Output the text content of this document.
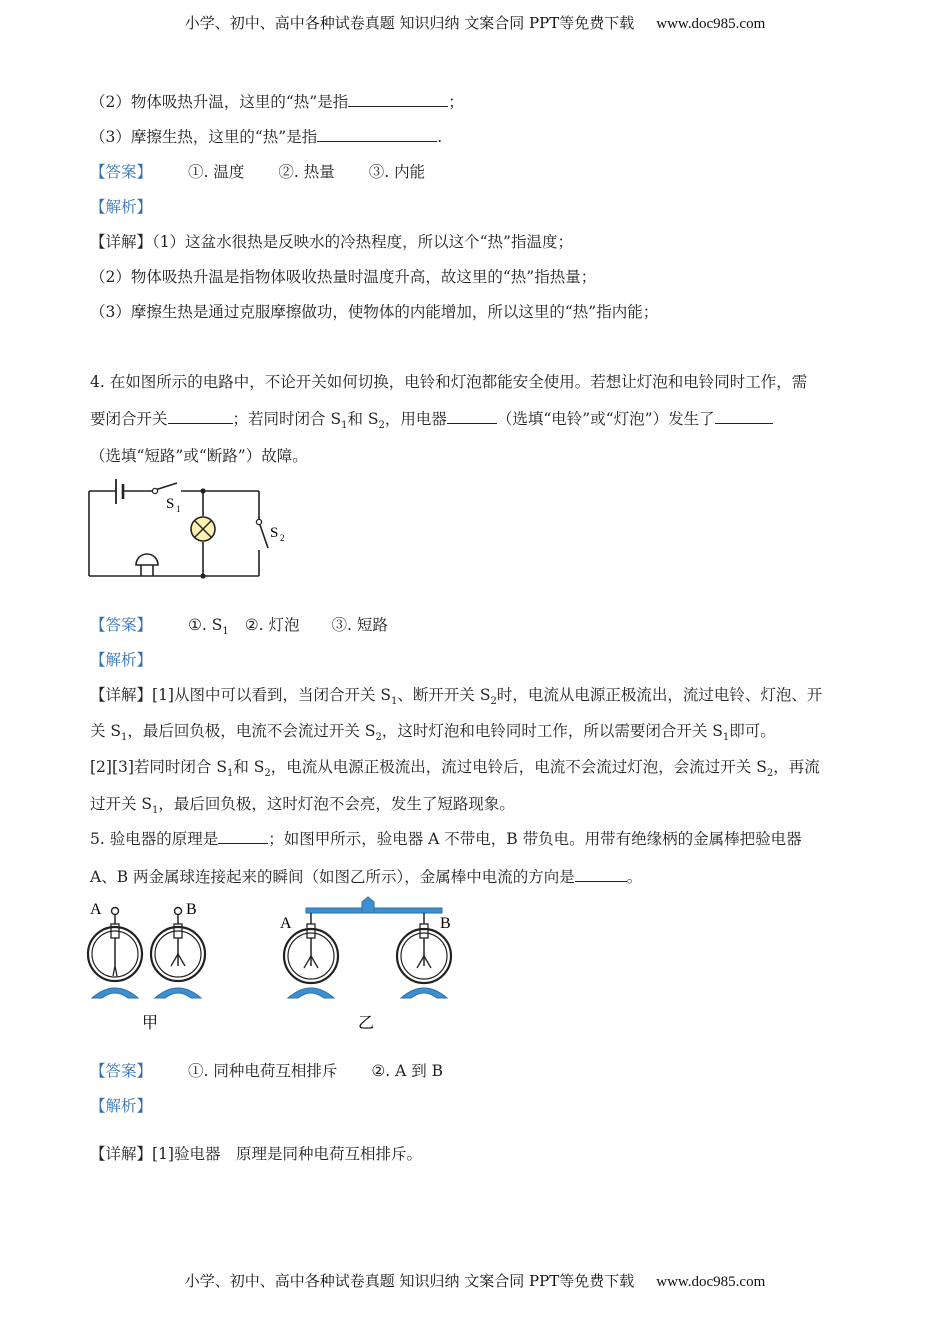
小学、初中、高中各种试卷真题 知识归纳 文案合同 PPT等免费下载 www.doc985.com
（2）物体吸热升温，这里的“热”是指	；
（3）摩擦生热，这里的“热”是指	.
【答案】 ①. 温度 ②. 热量 ③. 内能
【解析】
【详解】（1）这盆水很热是反映水的冷热程度，所以这个“热”指温度；
（2）物体吸热升温是指物体吸收热量时温度升高，故这里的“热”指热量；
（3）摩擦生热是通过克服摩擦做功，使物体的内能增加，所以这里的“热”指内能；
4. 在如图所示的电路中，不论开关如何切换，电铃和灯泡都能安全使用。若想让灯泡和电铃同时工作，需
要闭合开关	；若同时闭合 $S_1$和 $S_2$，用电器	（选填“电铃”或“灯泡”）发生了
（选填“短路”或“断路”）故障。
S 1
S 2
【答案】 ①. $S_1$ ②. 灯泡 ③. 短路
【解析】
【详解】[1]从图中可以看到，当闭合开关 $S_1$、断开开关 $S_2$时，电流从电源正极流出，流过电铃、灯泡、开
关 $S_1$，最后回负极，电流不会流过开关 $S_2$，这时灯泡和电铃同时工作，所以需要闭合开关 $S_1$即可。
[2][3]若同时闭合 $S_1$和 $S_2$，电流从电源正极流出，流过电铃后，电流不会流过灯泡，会流过开关 $S_2$，再流
过开关 $S_1$，最后回负极，这时灯泡不会亮，发生了短路现象。
5. 验电器的原理是	；如图甲所示，验电器 A 不带电，B 带负电。用带有绝缘柄的金属棒把验电器
A、B 两金属球连接起来的瞬间（如图乙所示），金属棒中电流的方向是	。
A	B
A	B
甲	乙
【答案】 ①. 同种电荷互相排斥 ②. A 到 B
【解析】
【详解】[1]验电器　原理是同种电荷互相排斥。
小学、初中、高中各种试卷真题 知识归纳 文案合同 PPT等免费下载 www.doc985.com
